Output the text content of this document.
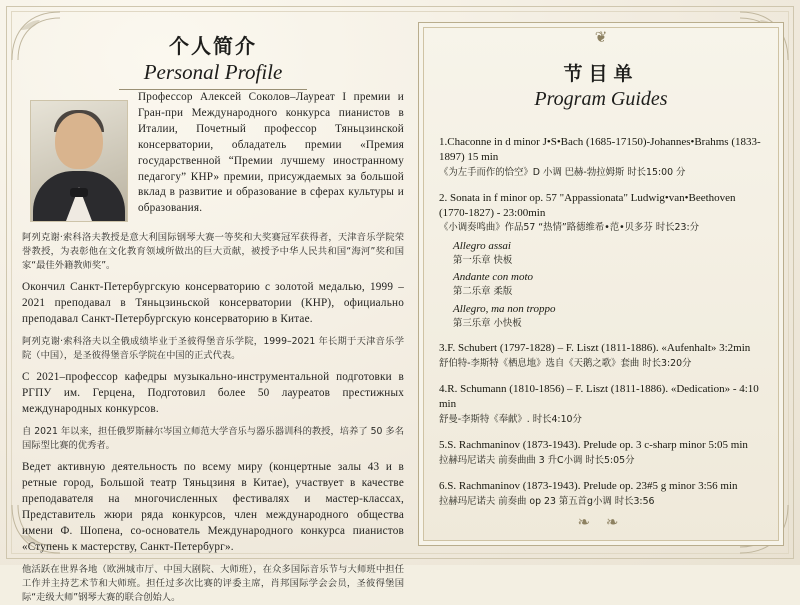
个人简介
Personal Profile

Профессор Алексей Соколов–Лауреат I премии и Гран-при Международного конкурса пианистов в Италии, Почетный профессор Тяньцзинской консерватории, обладатель премии «Премия государственной “Премии лучшему иностранному педагогу” КНР» премии, присуждаемых за большой вклад в развитие и образование в сферах культуры и образования.

阿列克谢·索科洛夫教授是意大利国际钢琴大赛一等奖和大奖赛冠军获得者，天津音乐学院荣誉教授，为表彰他在文化教育领域所做出的巨大贡献，被授予中华人民共和国“海河”奖和国家“最佳外籍教师奖”。

Окончил Санкт-Петербургскую консерваторию с золотой медалью, 1999 – 2021 преподавал в Тяньцзиньской консерватории (КНР), официально преподавал Санкт-Петербургскую консерваторию в Китае.

阿列克谢·索科洛夫以全俄成绩毕业于圣彼得堡音乐学院，1999–2021 年长期于天津音乐学院（中国），是圣彼得堡音乐学院在中国的正式代表。

С 2021–профессор кафедры музыкально-инструментальной подготовки в РГПУ им. Герцена, Подготовил более 50 лауреатов престижных международных конкурсов.

自 2021 年以来，担任俄罗斯赫尔岑国立师范大学音乐与器乐器训科的教授，培养了 50 多名国际型比赛的优秀者。

Ведет активную деятельность по всему миру (концертные залы 43 и в ретные город, Большой театр Тяньцзиня в Китае), участвует в качестве преподавателя на многочисленных фестивалях и мастер-классах, Представитель жюри ряда конкурсов, член международного общества имени Ф. Шопена, со-основатель Международного конкурса пианистов «Ступень к мастерству, Санкт-Петербург».

他活跃在世界各地（欧洲城市厅、中国大剧院、大师班），在众多国际音乐节与大师班中担任工作并主持艺术节和大师班。担任过多次比赛的评委主席，肖邦国际学会会员，圣彼得堡国际“走级大师”钢琴大赛的联合创始人。

❦
节目单
Program Guides
1.Chaconne in d minor J•S•Bach (1685-17150)-Johannes•Brahms (1833-1897) 15 min
《为左手而作的恰空》D 小调 巴赫-勃拉姆斯 时长15:00 分
2. Sonata in f minor op. 57 "Appassionata" Ludwig•van•Beethoven (1770-1827) - 23:00min
《小调奏鸣曲》作品57 “热情”路德维希•范•贝多芬 时长23:分
Allegro assai
第一乐章 快板
Andante con moto
第二乐章 柔版
Allegro, ma non troppo
第三乐章 小快板
3.F. Schubert (1797-1828) – F. Liszt (1811-1886). «Aufenhalt» 3:2min
舒伯特-李斯特《栖息地》选自《天鹅之歌》套曲 时长3:20分
4.R. Schumann (1810-1856) – F. Liszt (1811-1886). «Dedication» - 4:10 min
舒曼-李斯特《奉献》. 时长4:10分
5.S. Rachmaninov (1873-1943). Prelude op. 3 c-sharp minor 5:05 min
拉赫玛尼诺夫 前奏曲曲 3 升C小调 时长5:05分
6.S. Rachmaninov (1873-1943). Prelude op. 23#5 g minor 3:56 min
拉赫玛尼诺夫 前奏曲 op 23 第五首g小调 时长3:56
❧ ❧
